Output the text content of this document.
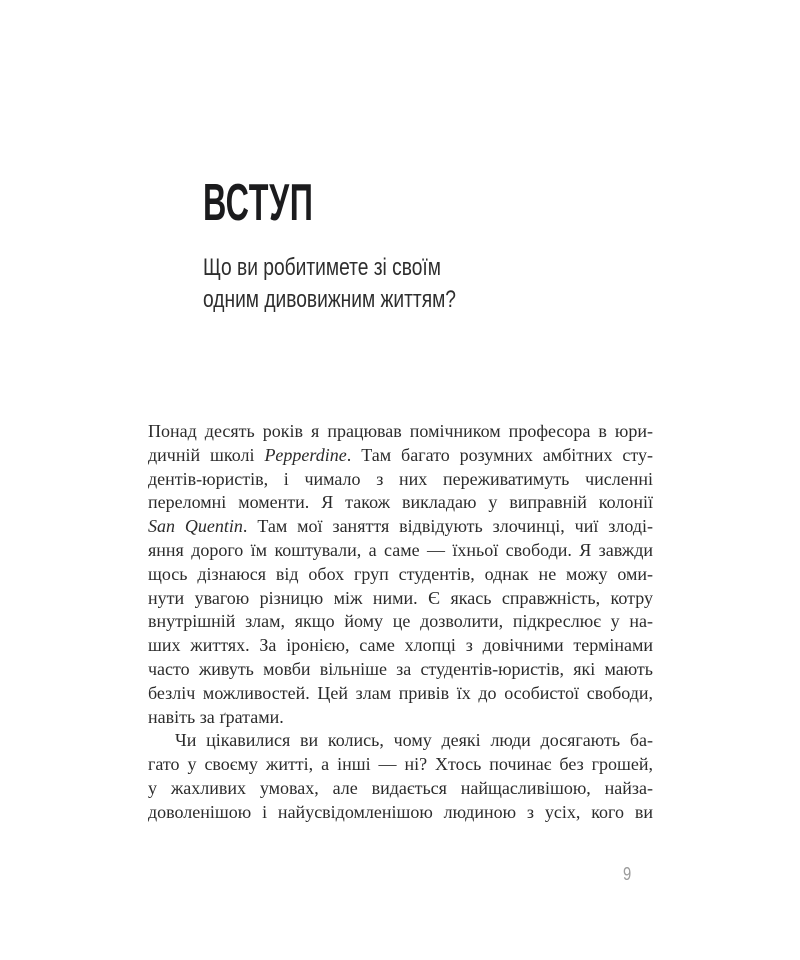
ВСТУП
Що ви робитимете зі своїм
одним дивовижним життям?
Понад десять років я працював помічником професора в юри-
дичній школі Pepperdine. Там багато розумних амбітних сту-
дентів-юристів, і чимало з них переживатимуть численні
переломні моменти. Я також викладаю у виправній колонії
San Quentin. Там мої заняття відвідують злочинці, чиї злоді-
яння дорого їм коштували, а саме — їхньої свободи. Я завжди
щось дізнаюся від обох груп студентів, однак не можу оми-
нути увагою різницю між ними. Є якась справжність, котру
внутрішній злам, якщо йому це дозволити, підкреслює у на-
ших життях. За іронією, саме хлопці з довічними термінами
часто живуть мовби вільніше за студентів-юристів, які мають
безліч можливостей. Цей злам привів їх до особистої свободи,
навіть за ґратами.
Чи цікавилися ви колись, чому деякі люди досягають ба-
гато у своєму житті, а інші — ні? Хтось починає без грошей,
у жахливих умовах, але видається найщасливішою, найза-
доволенішою і найусвідомленішою людиною з усіх, кого ви
9
